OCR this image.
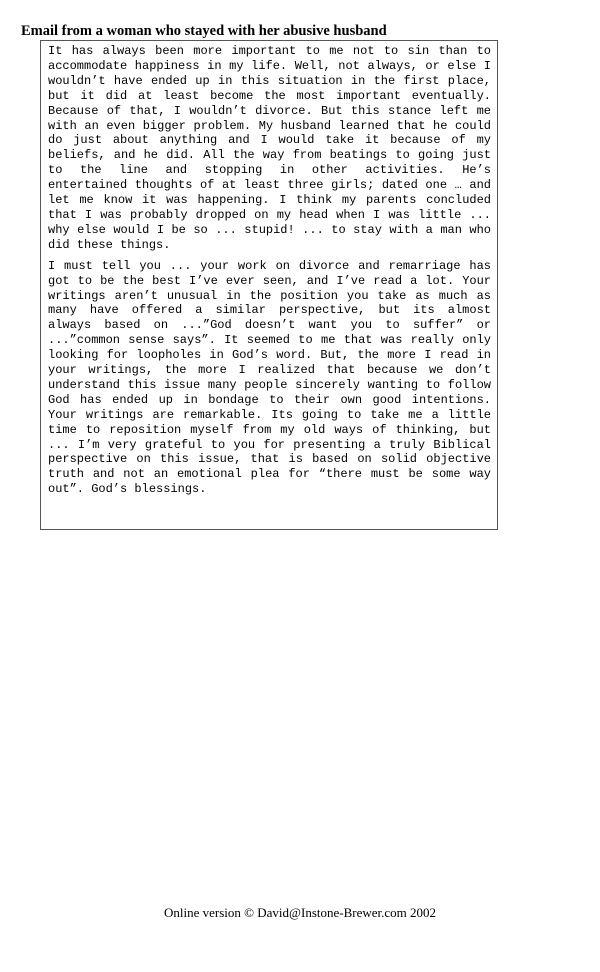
Email from a woman who stayed with her abusive husband

It has always been more important to me not to sin than to accommodate happiness in my life. Well, not always, or else I wouldn’t have ended up in this situation in the first place, but it did at least become the most important eventually. Because of that, I wouldn’t divorce. But this stance left me with an even bigger problem. My husband learned that he could do just about anything and I would take it because of my beliefs, and he did. All the way from beatings to going just to the line and stopping in other activities. He’s entertained thoughts of at least three girls; dated one … and let me know it was happening. I think my parents concluded that I was probably dropped on my head when I was little ... why else would I be so ... stupid! ... to stay with a man who did these things.

I must tell you ... your work on divorce and remarriage has got to be the best I’ve ever seen, and I’ve read a lot. Your writings aren’t unusual in the position you take as much as many have offered a similar perspective, but its almost always based on ...”God doesn’t want you to suffer” or ...”common sense says”. It seemed to me that was really only looking for loopholes in God’s word. But, the more I read in your writings, the more I realized that because we don’t understand this issue many people sincerely wanting to follow God has ended up in bondage to their own good intentions. Your writings are remarkable. Its going to take me a little time to reposition myself from my old ways of thinking, but ... I’m very grateful to you for presenting a truly Biblical perspective on this issue, that is based on solid objective truth and not an emotional plea for “there must be some way out”. God’s blessings.

Online version © David@Instone-Brewer.com 2002
